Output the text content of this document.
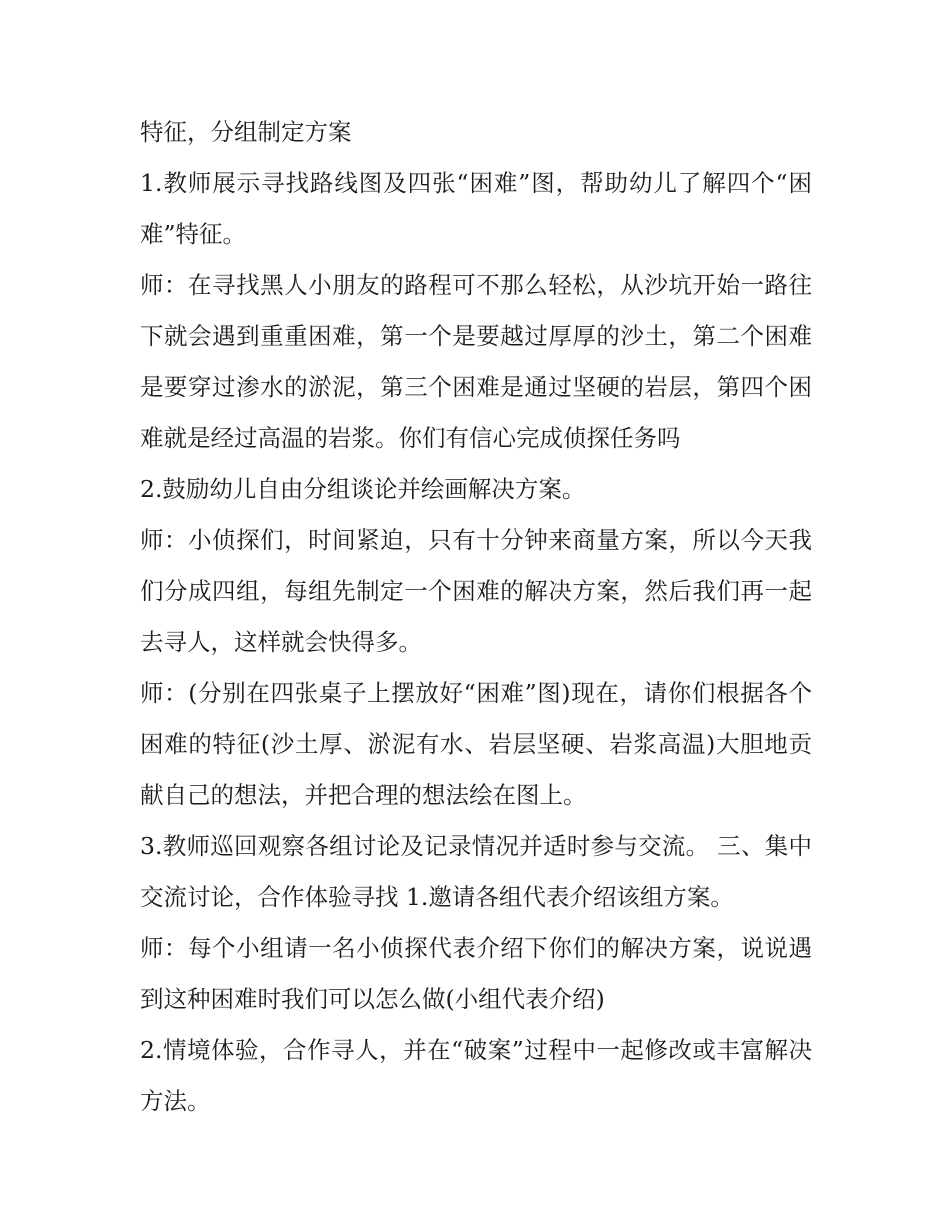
特征，分组制定方案

1.教师展示寻找路线图及四张“困难”图，帮助幼儿了解四个“困难”特征。

师：在寻找黑人小朋友的路程可不那么轻松，从沙坑开始一路往下就会遇到重重困难，第一个是要越过厚厚的沙土，第二个困难是要穿过渗水的淤泥，第三个困难是通过坚硬的岩层，第四个困难就是经过高温的岩浆。你们有信心完成侦探任务吗

2.鼓励幼儿自由分组谈论并绘画解决方案。

师：小侦探们，时间紧迫，只有十分钟来商量方案，所以今天我们分成四组，每组先制定一个困难的解决方案，然后我们再一起去寻人，这样就会快得多。

师：(分别在四张桌子上摆放好“困难”图)现在，请你们根据各个困难的特征(沙土厚、淤泥有水、岩层坚硬、岩浆高温)大胆地贡献自己的想法，并把合理的想法绘在图上。

3.教师巡回观察各组讨论及记录情况并适时参与交流。 三、集中交流讨论，合作体验寻找 1.邀请各组代表介绍该组方案。

师：每个小组请一名小侦探代表介绍下你们的解决方案，说说遇到这种困难时我们可以怎么做(小组代表介绍)

2.情境体验，合作寻人，并在“破案”过程中一起修改或丰富解决方法。
